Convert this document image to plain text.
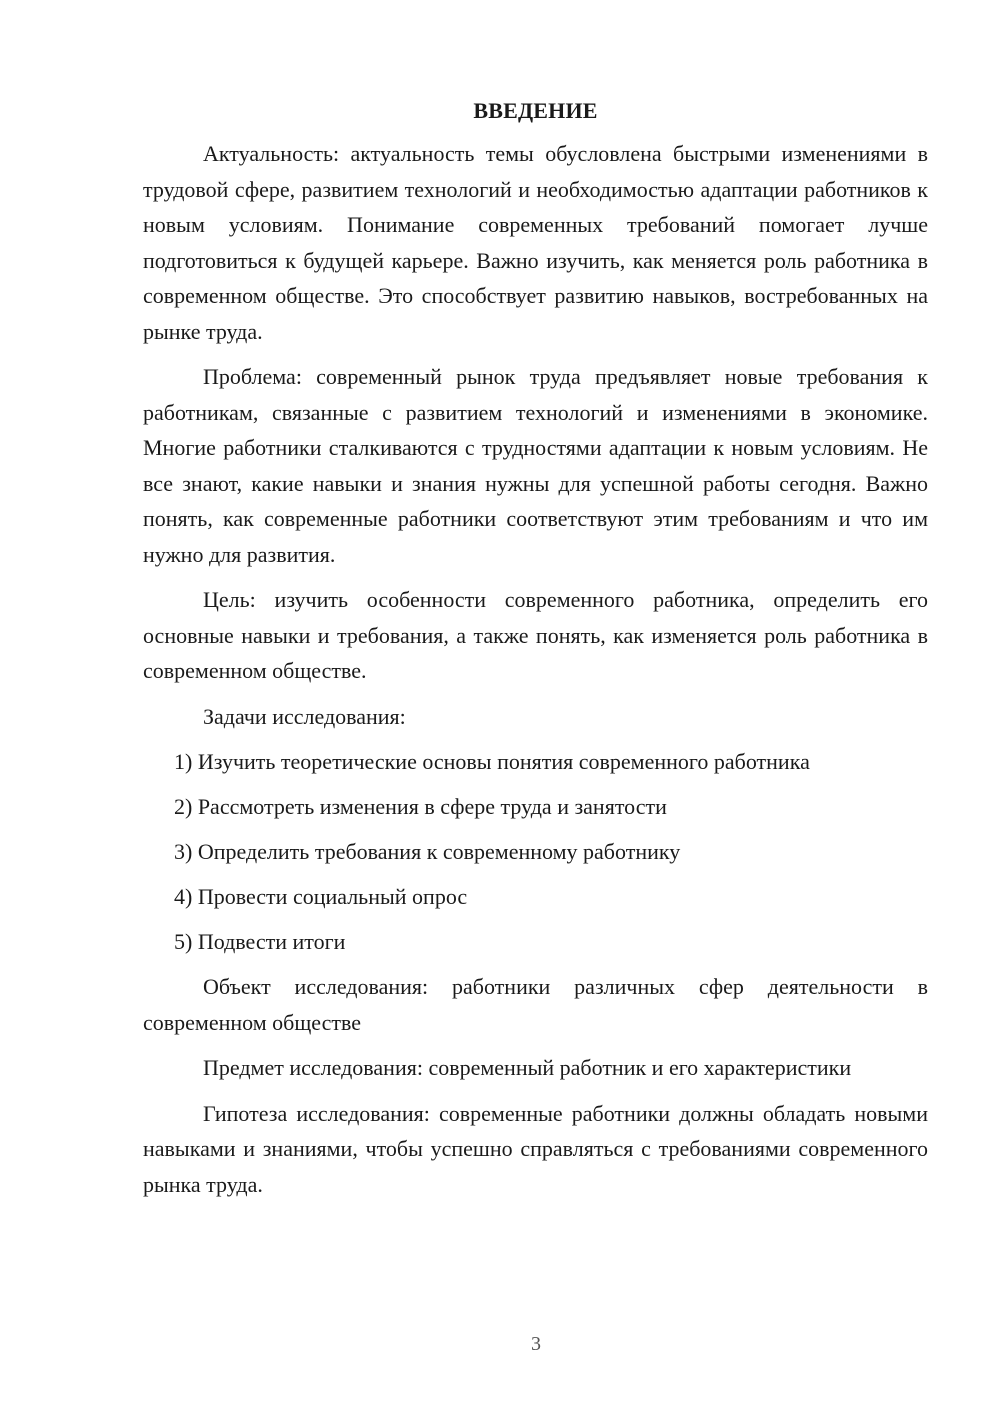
ВВЕДЕНИЕ

Актуальность: актуальность темы обусловлена быстрыми изменениями в трудовой сфере, развитием технологий и необходимостью адаптации работников к новым условиям. Понимание современных требований помогает лучше подготовиться к будущей карьере. Важно изучить, как меняется роль работника в современном обществе. Это способствует развитию навыков, востребованных на рынке труда.

Проблема: современный рынок труда предъявляет новые требования к работникам, связанные с развитием технологий и изменениями в экономике. Многие работники сталкиваются с трудностями адаптации к новым условиям. Не все знают, какие навыки и знания нужны для успешной работы сегодня. Важно понять, как современные работники соответствуют этим требованиям и что им нужно для развития.

Цель: изучить особенности современного работника, определить его основные навыки и требования, а также понять, как изменяется роль работника в современном обществе.

Задачи исследования:

1) Изучить теоретические основы понятия современного работника
2) Рассмотреть изменения в сфере труда и занятости
3) Определить требования к современному работнику
4) Провести социальный опрос
5) Подвести итоги

Объект исследования: работники различных сфер деятельности в современном обществе

Предмет исследования: современный работник и его характеристики

Гипотеза исследования: современные работники должны обладать новыми навыками и знаниями, чтобы успешно справляться с требованиями современного рынка труда.

3
